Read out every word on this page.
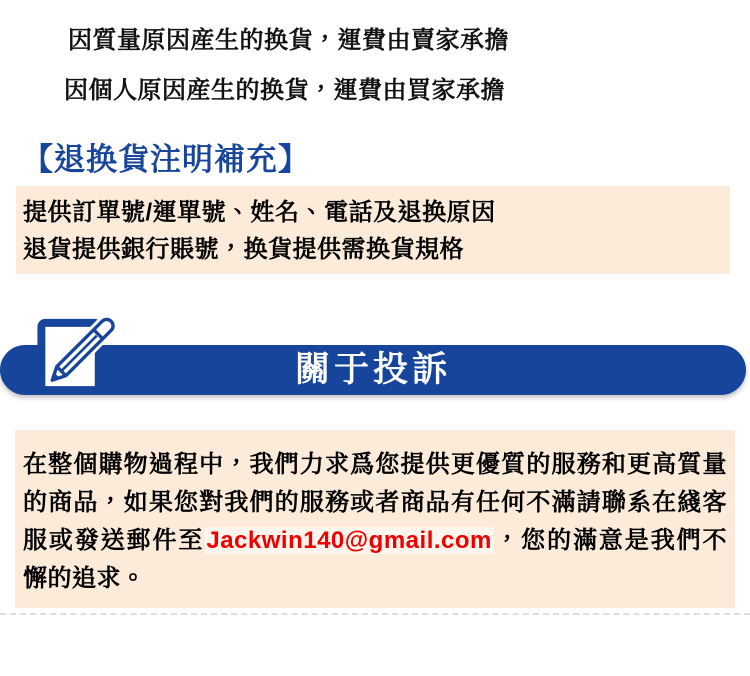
因質量原因産生的换貨，運費由賣家承擔
因個人原因産生的换貨，運費由買家承擔
【退换貨注明補充】

提供訂單號/運單號、姓名、電話及退换原因

退貨提供銀行賬號，换貨提供需换貨規格

關于投訴

在整個購物過程中，我們力求爲您提供更優質的服務和更高質量的商品，如果您對我們的服務或者商品有任何不滿請聯系在綫客服或發送郵件至Jackwin140@gmail.com，您的滿意是我們不懈的追求。
